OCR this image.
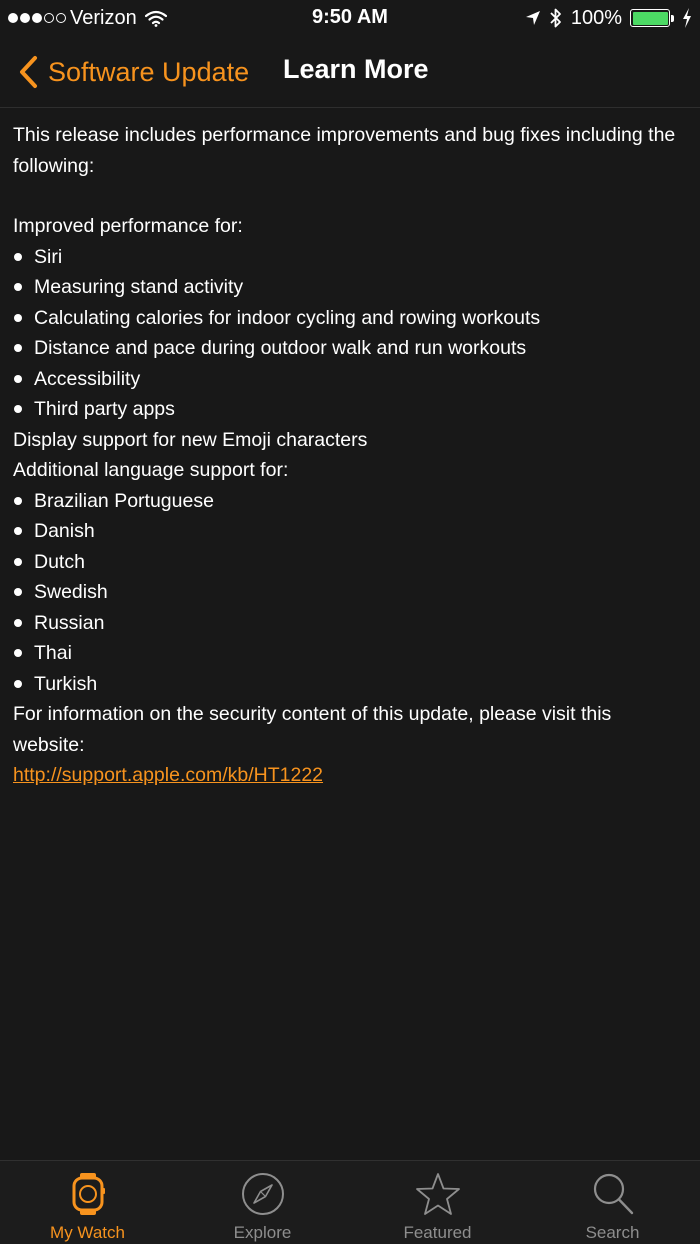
Verizon	9:50 AM	100%
Software Update Learn More

This release includes performance improvements and bug fixes including the following:

Improved performance for:

Siri
Measuring stand activity
Calculating calories for indoor cycling and rowing workouts
Distance and pace during outdoor walk and run workouts
Accessibility
Third party apps

Display support for new Emoji characters

Additional language support for:

Brazilian Portuguese
Danish
Dutch
Swedish
Russian
Thai
Turkish

For information on the security content of this update, please visit this website:

http://support.apple.com/kb/HT1222

My Watch	Explore	Featured	Search
